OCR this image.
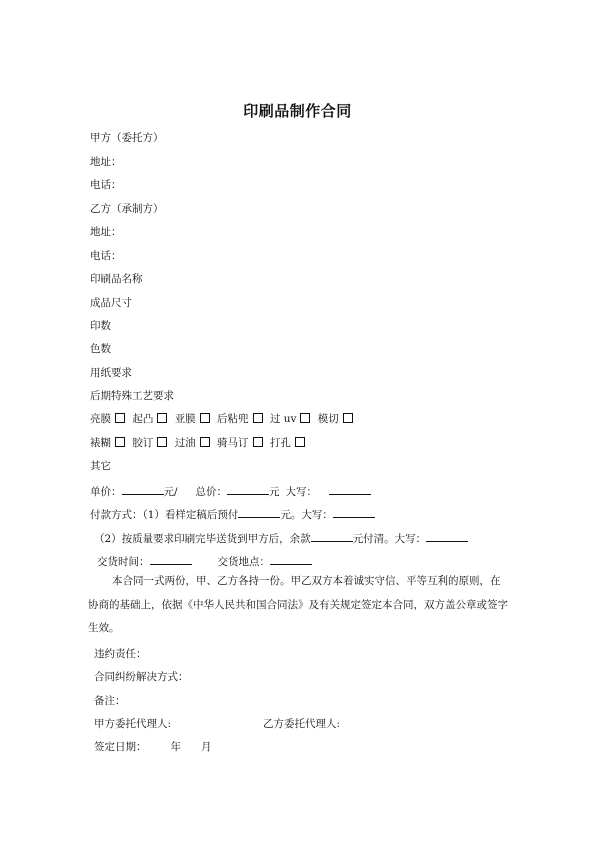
印刷品制作合同
甲方（委托方）
地址：
电话：
乙方（承制方）
地址：
电话：
印刷品名称
成品尺寸
印数
色数
用纸要求
后期特殊工艺要求
亮膜 起凸 亚膜 后粘兜 过 uv 模切
裱糊 胶订 过油 骑马订 打孔
其它
单价：	元/ 总价：	元 大写：
付款方式：（1）看样定稿后预付	元。大写：
（2）按质量要求印刷完毕送货到甲方后，余款	元付清。大写：
交货时间：	交货地点：
本合同一式两份，甲、乙方各持一份。甲乙双方本着诚实守信、平等互利的原则，在协商的基础上，依据《中华人民共和国合同法》及有关规定签定本合同，双方盖公章或签字生效。
违约责任：
合同纠纷解决方式：
备注：
甲方委托代理人:	乙方委托代理人:
签定日期： 年 月
